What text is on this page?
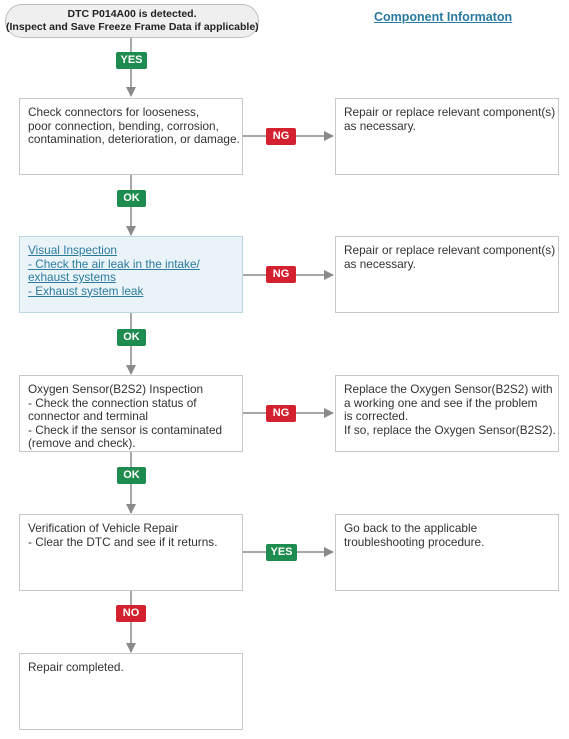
DTC P014A00 is detected.
(Inspect and Save Freeze Frame Data if applicable)
Component Informaton
Check connectors for looseness,
poor connection, bending, corrosion,
contamination, deterioration, or damage.
Repair or replace relevant component(s)
as necessary.
Visual Inspection
- Check the air leak in the intake/
exhaust systems
- Exhaust system leak
Repair or replace relevant component(s)
as necessary.
Oxygen Sensor(B2S2) Inspection
- Check the connection status of
connector and terminal
- Check if the sensor is contaminated
(remove and check).
Replace the Oxygen Sensor(B2S2) with
a working one and see if the problem
is corrected.
If so, replace the Oxygen Sensor(B2S2).
Verification of Vehicle Repair
- Clear the DTC and see if it returns.
Go back to the applicable
troubleshooting procedure.
Repair completed.
YES
NG
OK
NG
OK
NG
OK
YES
NO
